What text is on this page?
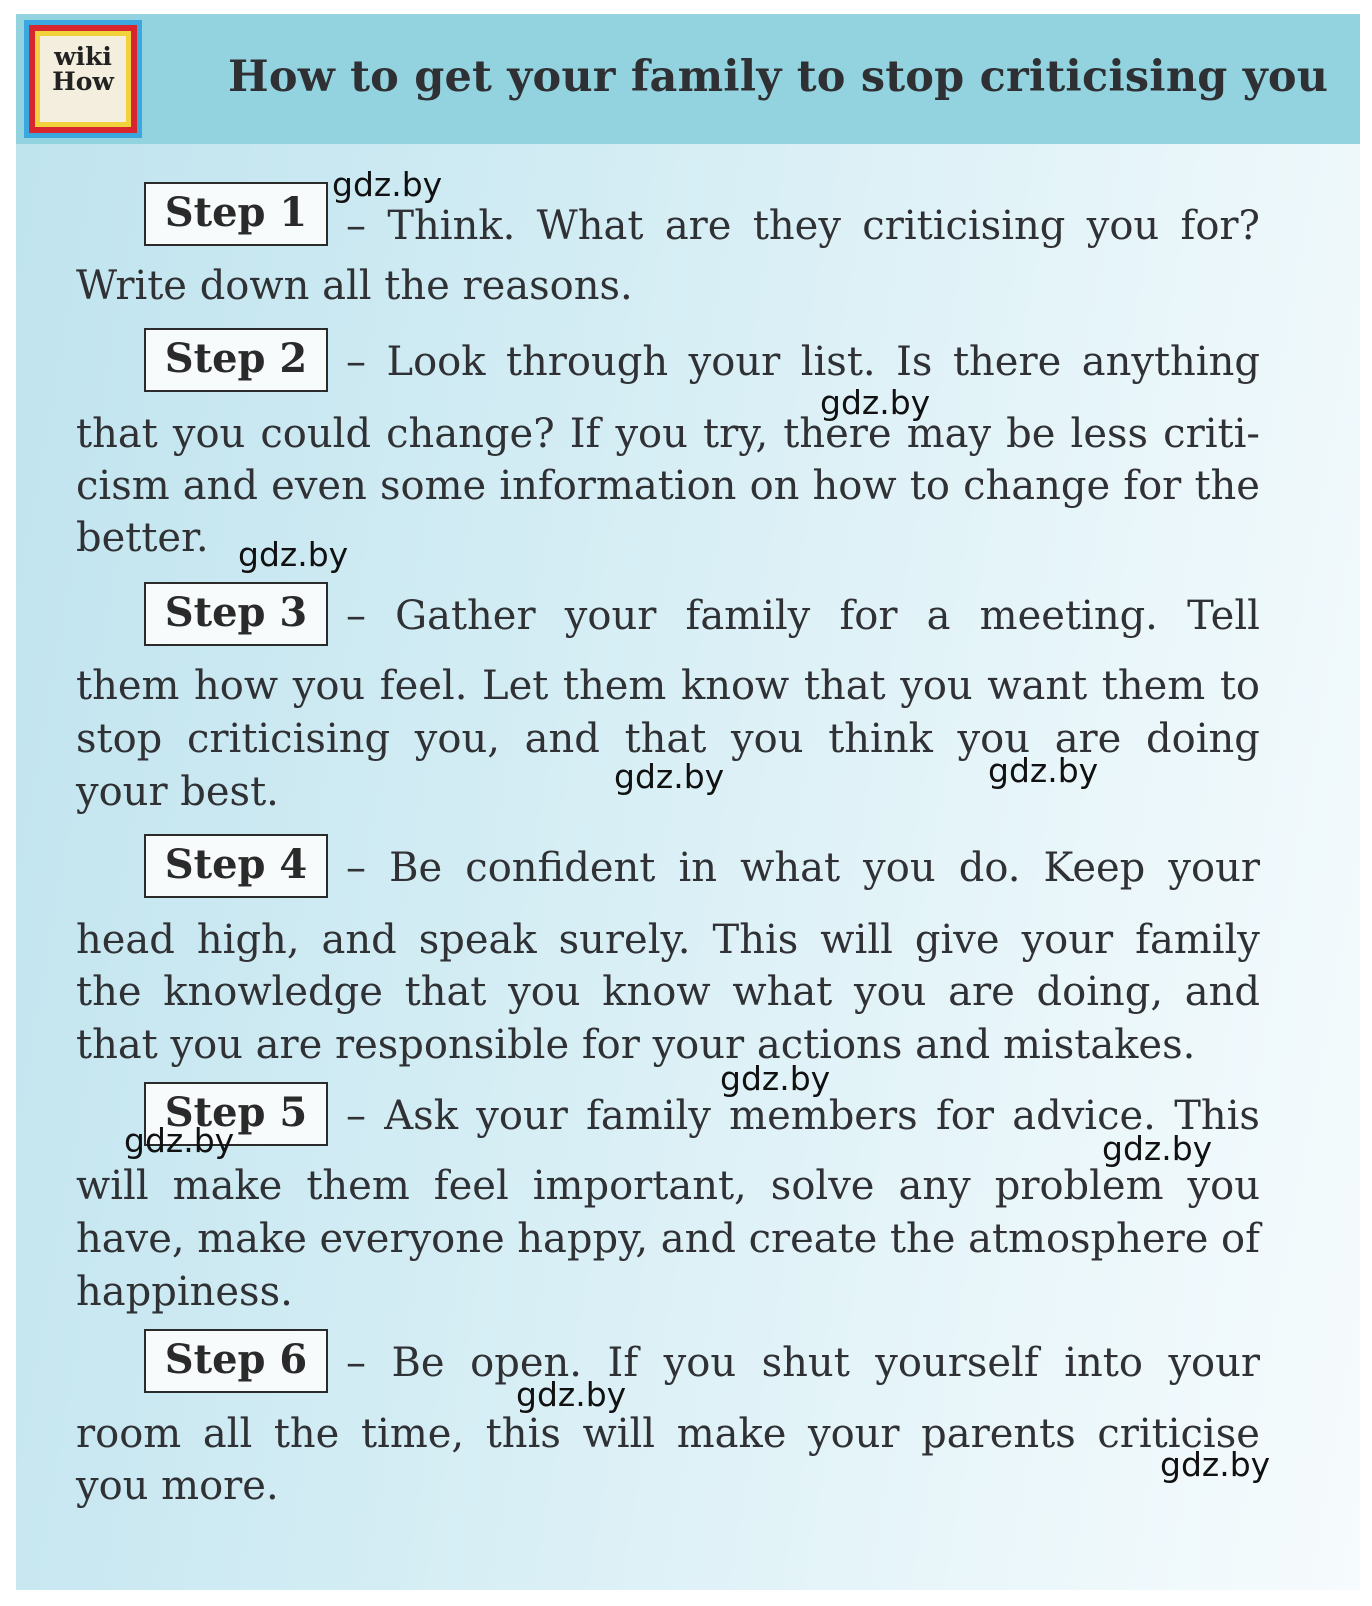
wiki
How	How to get your family to stop criticising you
Step 1 – Think. What are they criticising you for?
Write down all the reasons.
Step 2 – Look through your list. Is there anything
that you could change? If you try, there may be less criti-
cism and even some information on how to change for the
better.
Step 3 – Gather your family for a meeting. Tell
them how you feel. Let them know that you want them to
stop criticising you, and that you think you are doing
your best.
Step 4 – Be confident in what you do. Keep your
head high, and speak surely. This will give your family
the knowledge that you know what you are doing, and
that you are responsible for your actions and mistakes.
Step 5 – Ask your family members for advice. This
will make them feel important, solve any problem you
have, make everyone happy, and create the atmosphere of
happiness.
Step 6 – Be open. If you shut yourself into your
room all the time, this will make your parents criticise
you more.
gdz.by
gdz.by
gdz.by
gdz.by	gdz.by
gdz.by
gdz.by	gdz.by
gdz.by
gdz.by
